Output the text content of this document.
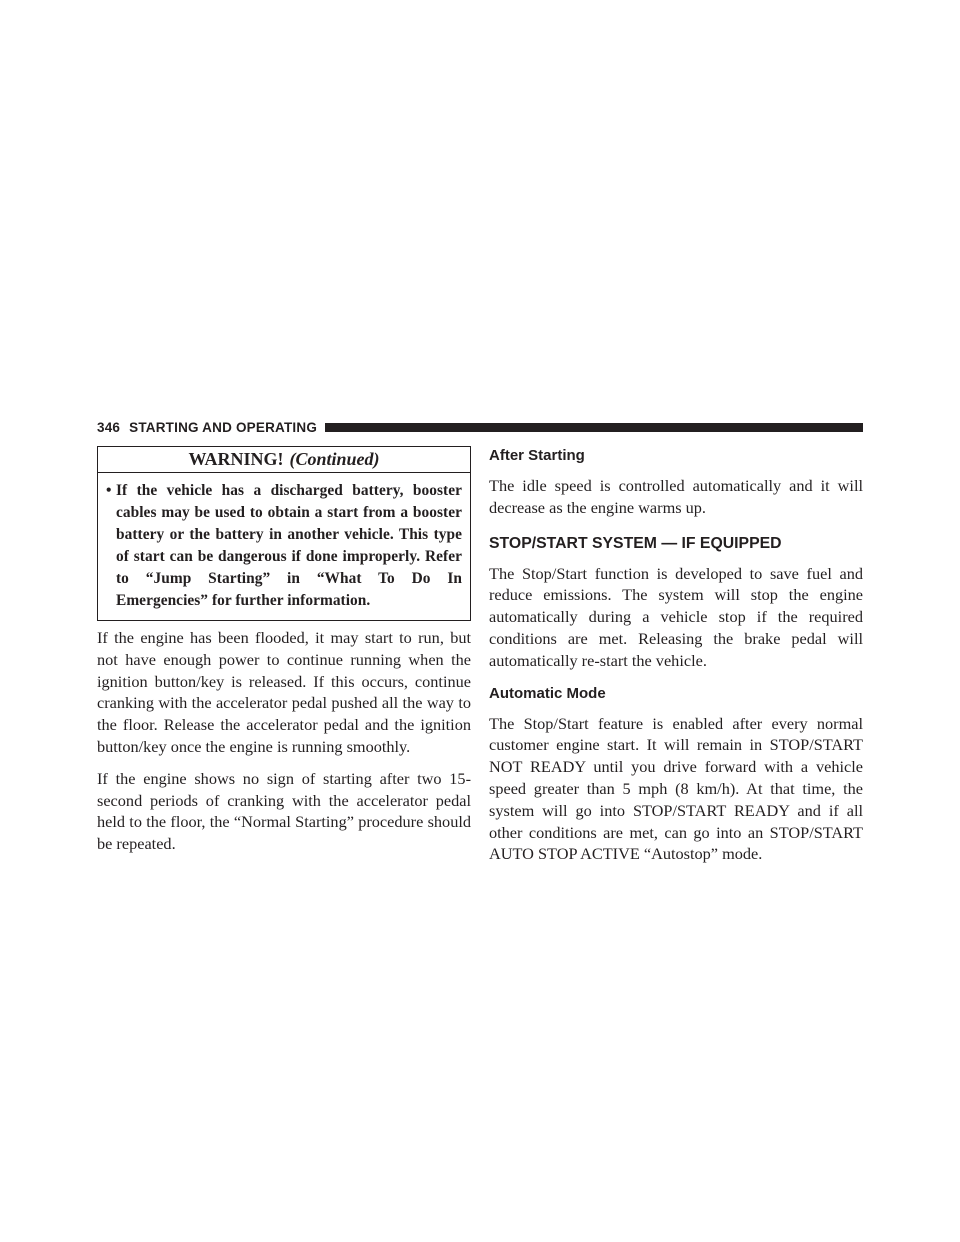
346 STARTING AND OPERATING
WARNING! (Continued)
• If the vehicle has a discharged battery, booster cables may be used to obtain a start from a booster battery or the battery in another vehicle. This type of start can be dangerous if done improperly. Refer to “Jump Starting” in “What To Do In Emergencies” for further information.

If the engine has been flooded, it may start to run, but not have enough power to continue running when the ignition button/key is released. If this occurs, continue cranking with the accelerator pedal pushed all the way to the floor. Release the accelerator pedal and the ignition button/key once the engine is running smoothly.

If the engine shows no sign of starting after two 15-second periods of cranking with the accelerator pedal held to the floor, the “Normal Starting” procedure should be repeated.

After Starting

The idle speed is controlled automatically and it will decrease as the engine warms up.

STOP/START SYSTEM — IF EQUIPPED

The Stop/Start function is developed to save fuel and reduce emissions. The system will stop the engine automatically during a vehicle stop if the required conditions are met. Releasing the brake pedal will automatically re-start the vehicle.

Automatic Mode

The Stop/Start feature is enabled after every normal customer engine start. It will remain in STOP/START NOT READY until you drive forward with a vehicle speed greater than 5 mph (8 km/h). At that time, the system will go into STOP/START READY and if all other conditions are met, can go into an STOP/START AUTO STOP ACTIVE “Autostop” mode.
